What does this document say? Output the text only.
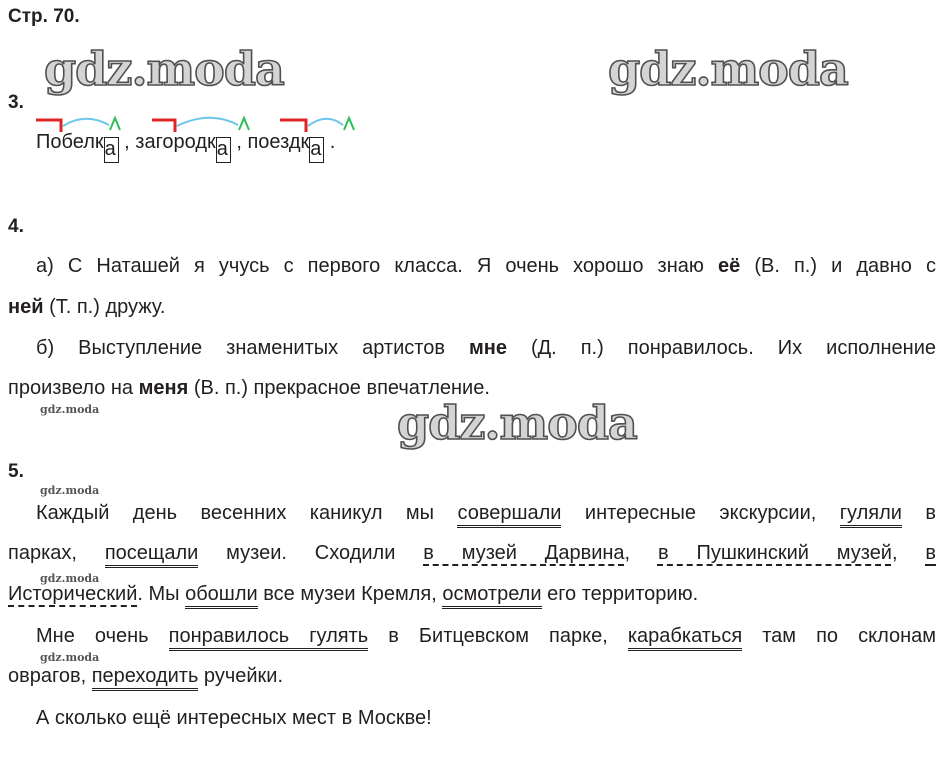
Стр. 70.
gdz.moda	gdz.moda
gdz.moda
gdz.moda
gdz.moda
gdz.moda
gdz.moda
3.
Побелка , загородка , поездка .
4.
а) С Наташей я учусь с первого класса. Я очень хорошо знаю её (В. п.) и давно с
ней (Т. п.) дружу.
б) Выступление знаменитых артистов мне (Д. п.) понравилось. Их исполнение
произвело на меня (В. п.) прекрасное впечатление.
5.
Каждый день весенних каникул мы совершали интересные экскурсии, гуляли в
парках, посещали музеи. Сходили в музей Дарвина, в Пушкинский музей, в
Исторический. Мы обошли все музеи Кремля, осмотрели его территорию.
Мне очень понравилось гулять в Битцевском парке, карабкаться там по склонам
оврагов, переходить ручейки.
А сколько ещё интересных мест в Москве!
